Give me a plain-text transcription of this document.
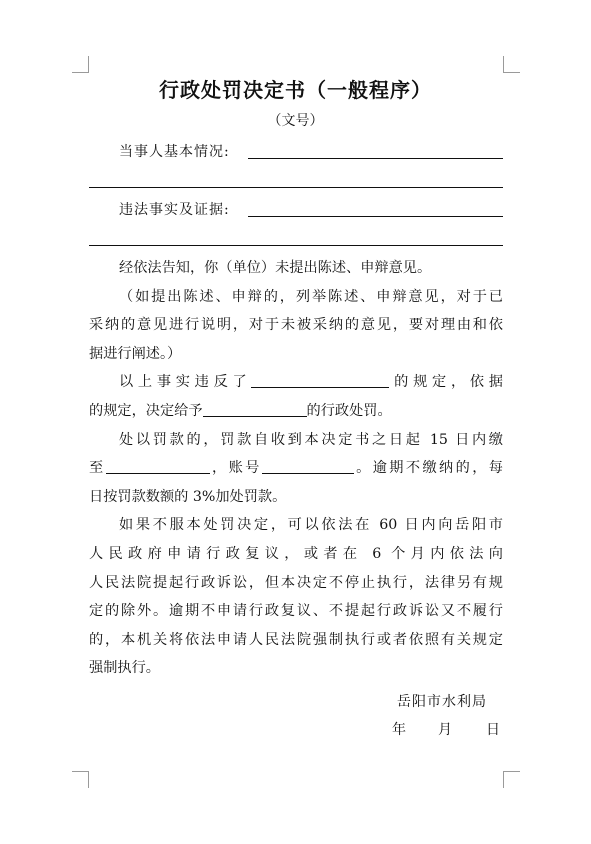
行政处罚决定书（一般程序）
（文号）
当事人基本情况:
违法事实及证据:

经依法告知，你（单位）未提出陈述、申辩意见。

（如提出陈述、申辩的，列举陈述、申辩意见，对于已

采纳的意见进行说明，对于未被采纳的意见，要对理由和依

据进行阐述。）

以上事实违反了	的规定，依据

的规定，决定给予	的行政处罚。

处以罚款的，罚款自收到本决定书之日起 15 日内缴

至	，账号	。逾期不缴纳的，每

日按罚款数额的 3%加处罚款。

如果不服本处罚决定，可以依法在 60 日内向岳阳市

人民政府申请行政复议，或者在 6 个月内依法向

人民法院提起行政诉讼，但本决定不停止执行，法律另有规

定的除外。逾期不申请行政复议、不提起行政诉讼又不履行

的，本机关将依法申请人民法院强制执行或者依照有关规定

强制执行。

岳阳市水利局
年 月 日
